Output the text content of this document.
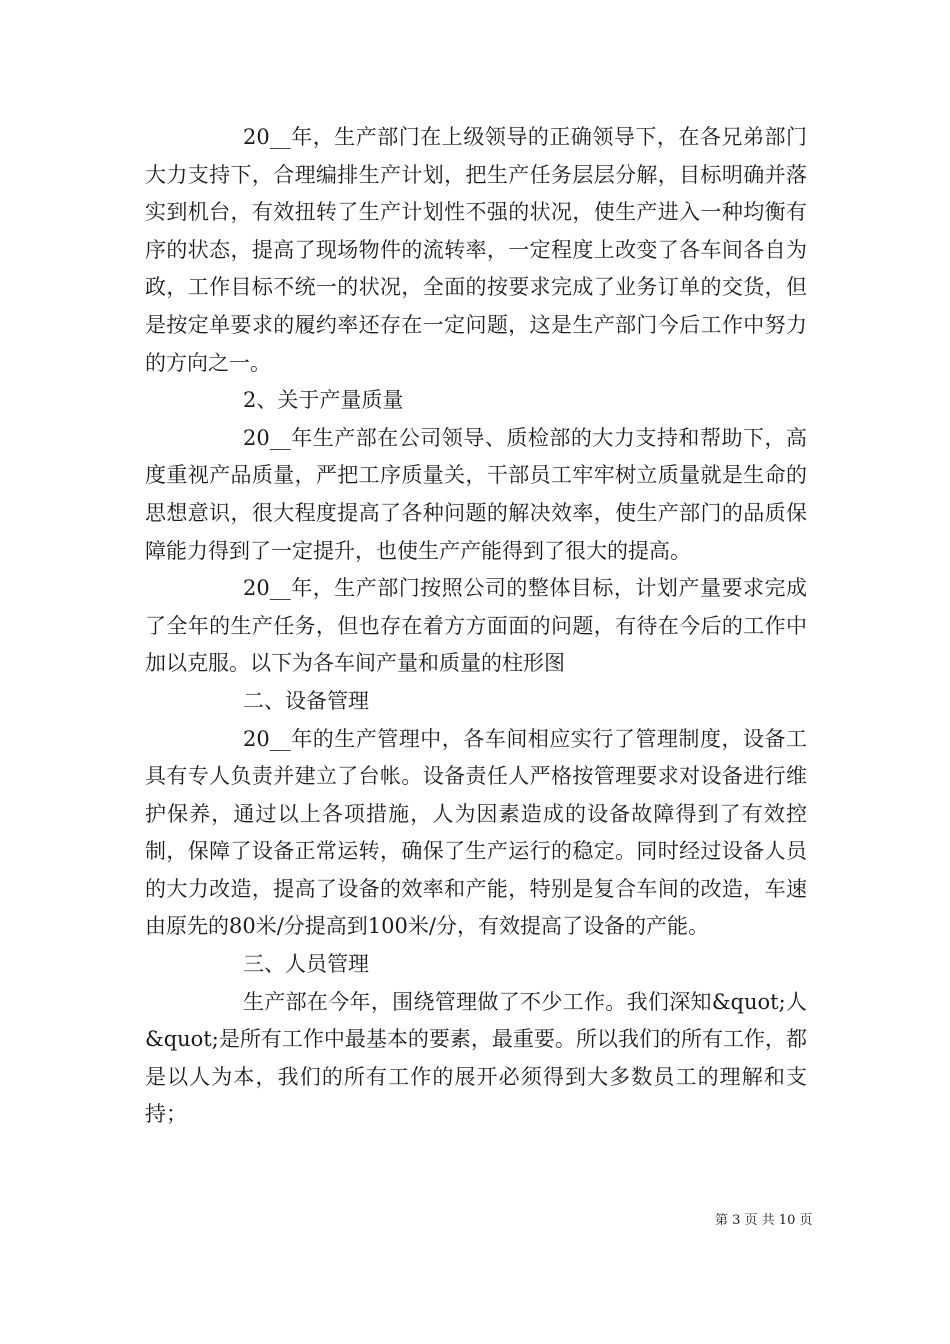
20__年，生产部门在上级领导的正确领导下，在各兄弟部门大力支持下，合理编排生产计划，把生产任务层层分解，目标明确并落实到机台，有效扭转了生产计划性不强的状况，使生产进入一种均衡有序的状态，提高了现场物件的流转率，一定程度上改变了各车间各自为政，工作目标不统一的状况，全面的按要求完成了业务订单的交货，但是按定单要求的履约率还存在一定问题，这是生产部门今后工作中努力的方向之一。

2、关于产量质量

20__年生产部在公司领导、质检部的大力支持和帮助下，高度重视产品质量，严把工序质量关，干部员工牢牢树立质量就是生命的思想意识，很大程度提高了各种问题的解决效率，使生产部门的品质保障能力得到了一定提升，也使生产产能得到了很大的提高。

20__年，生产部门按照公司的整体目标，计划产量要求完成了全年的生产任务，但也存在着方方面面的问题，有待在今后的工作中加以克服。以下为各车间产量和质量的柱形图

二、设备管理

20__年的生产管理中，各车间相应实行了管理制度，设备工具有专人负责并建立了台帐。设备责任人严格按管理要求对设备进行维护保养，通过以上各项措施，人为因素造成的设备故障得到了有效控制，保障了设备正常运转，确保了生产运行的稳定。同时经过设备人员的大力改造，提高了设备的效率和产能，特别是复合车间的改造，车速由原先的80米/分提高到100米/分，有效提高了设备的产能。

三、人员管理

生产部在今年，围绕管理做了不少工作。我们深知&quot;人&quot;是所有工作中最基本的要素，最重要。所以我们的所有工作，都是以人为本，我们的所有工作的展开必须得到大多数员工的理解和支持；

第 3 页 共 10 页
